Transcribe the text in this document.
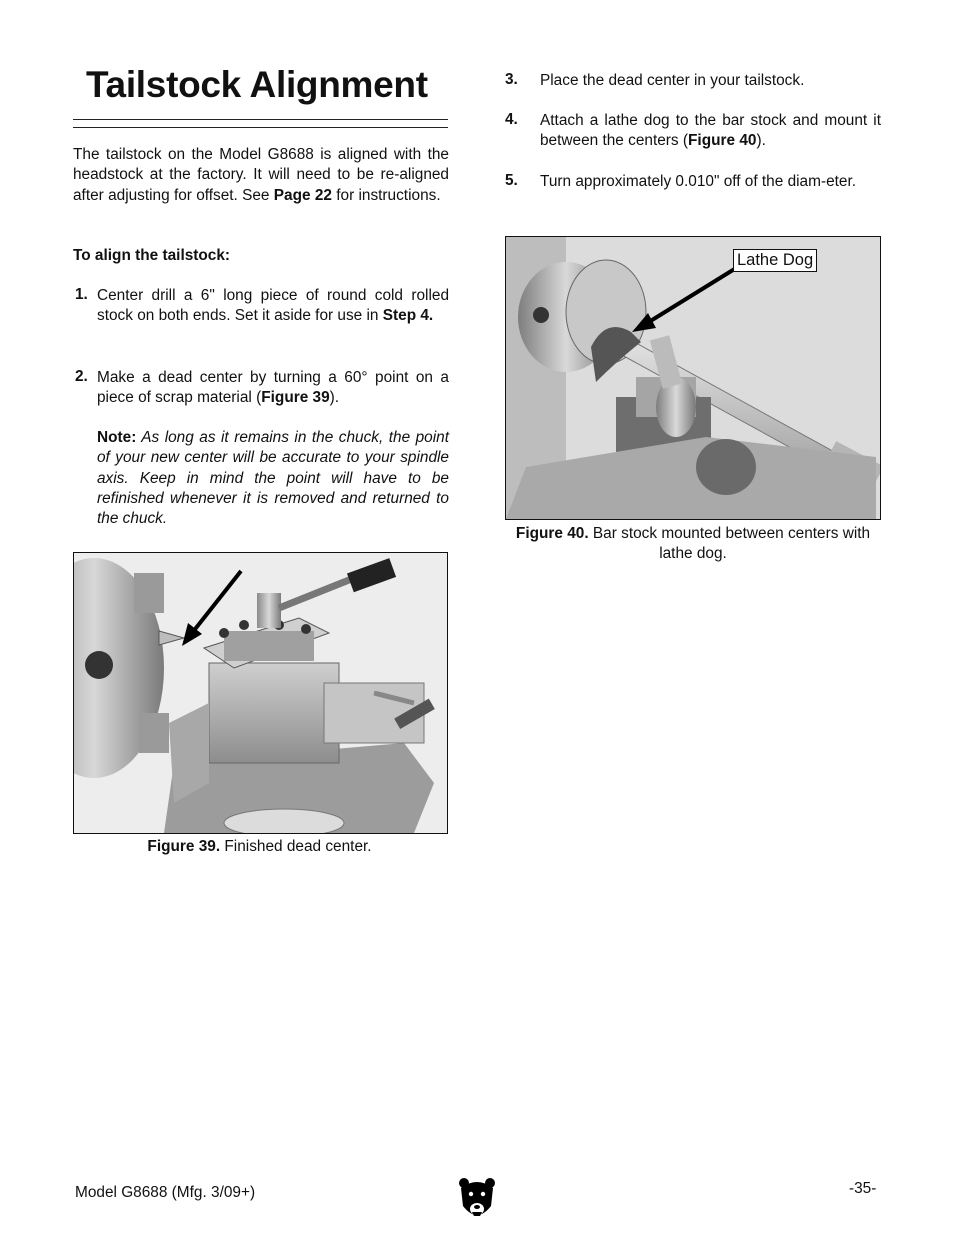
Tailstock Alignment

The tailstock on the Model G8688 is aligned with the headstock at the factory. It will need to be re-aligned after adjusting for offset. See Page 22 for instructions.

To align the tailstock:
1. Center drill a 6" long piece of round cold rolled stock on both ends. Set it aside for use in Step 4.

2. Make a dead center by turning a 60° point on a piece of scrap material (Figure 39).

Note: As long as it remains in the chuck, the point of your new center will be accurate to your spindle axis. Keep in mind the point will have to be refinished whenever it is removed and returned to the chuck.

Figure 39. Finished dead center.
3. Place the dead center in your tailstock.

4. Attach a lathe dog to the bar stock and mount it between the centers (Figure 40).

5. Turn approximately 0.010" off of the diam-eter.

Lathe Dog
Figure 40. Bar stock mounted between centers with lathe dog.
Model G8688 (Mfg. 3/09+)	-35-
